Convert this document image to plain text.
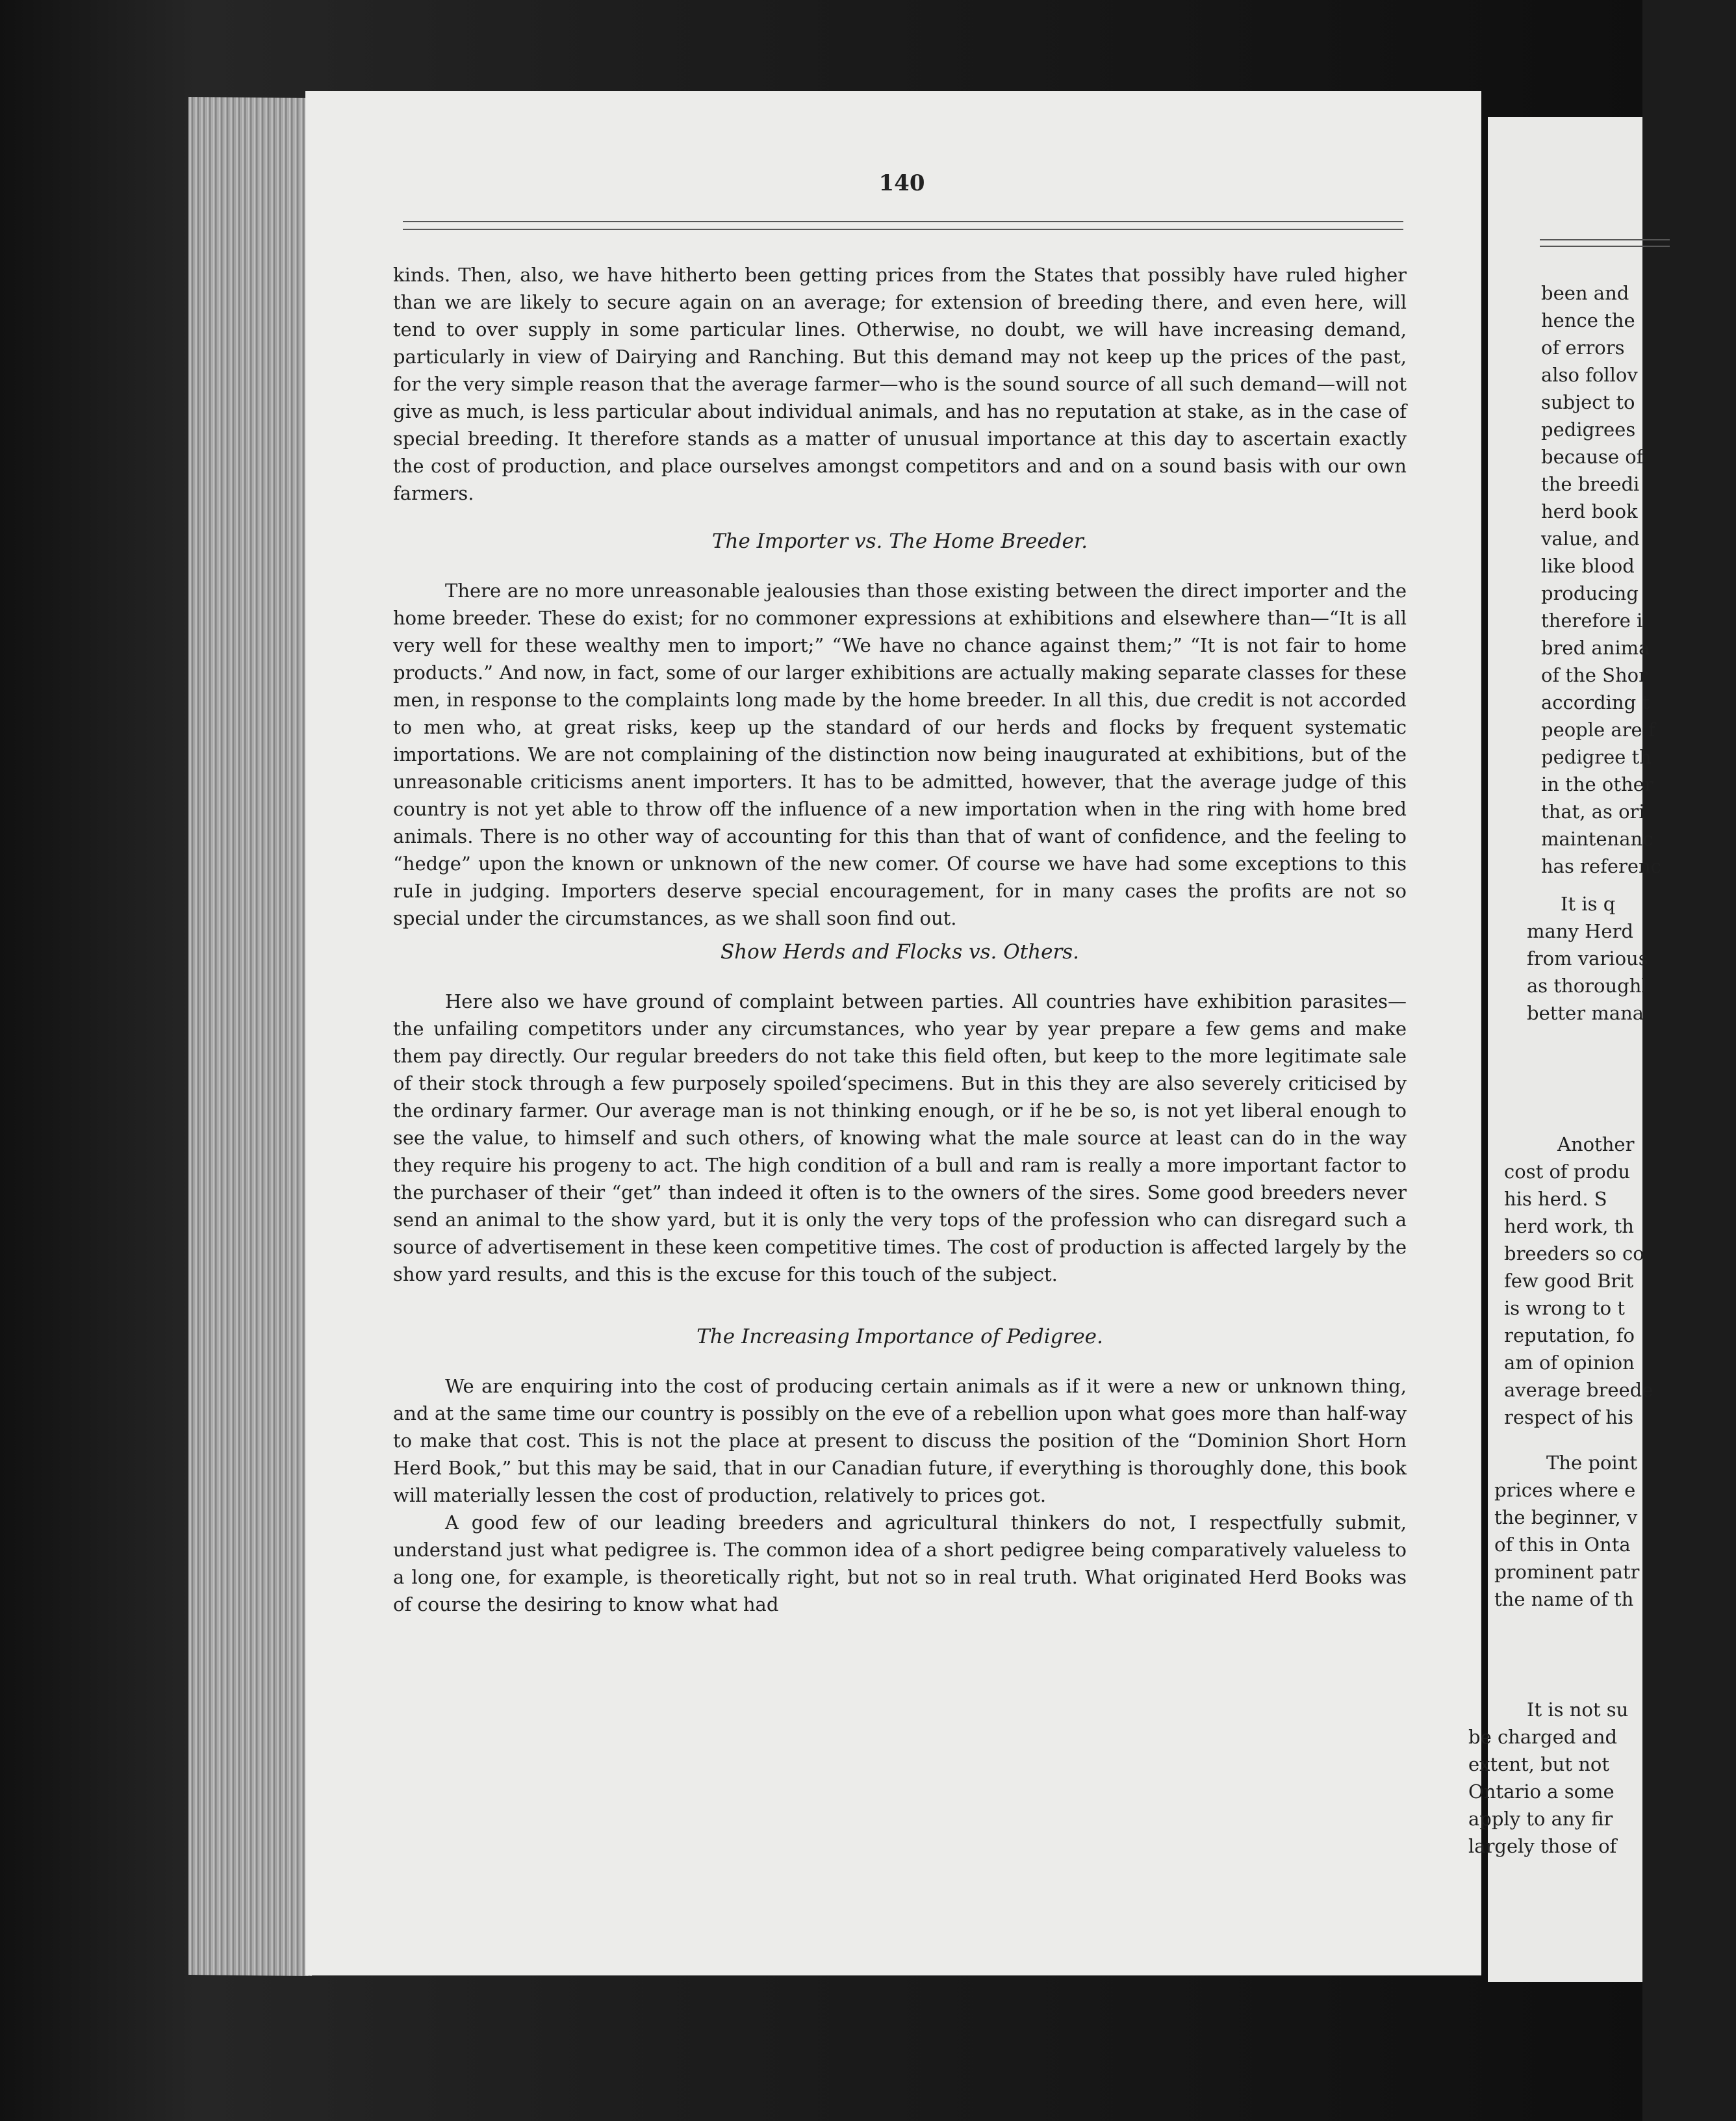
140

kinds. Then, also, we have hitherto been getting prices from the States that possibly have ruled higher than we are likely to secure again on an average; for extension of breeding there, and even here, will tend to over supply in some particular lines. Otherwise, no doubt, we will have increasing demand, particularly in view of Dairying and Ranching. But this demand may not keep up the prices of the past, for the very simple reason that the average farmer—who is the sound source of all such demand—will not give as much, is less particular about individual animals, and has no reputation at stake, as in the case of special breeding. It therefore stands as a matter of unusual importance at this day to ascertain exactly the cost of production, and place ourselves amongst competitors and and on a sound basis with our own farmers.

The Importer vs. The Home Breeder.

There are no more unreasonable jealousies than those existing between the direct importer and the home breeder. These do exist; for no commoner expressions at exhibitions and elsewhere than—“It is all very well for these wealthy men to import;” “We have no chance against them;” “It is not fair to home products.” And now, in fact, some of our larger exhibitions are actually making separate classes for these men, in response to the complaints long made by the home breeder. In all this, due credit is not accorded to men who, at great risks, keep up the standard of our herds and flocks by frequent systematic importations. We are not complaining of the distinction now being inaugurated at exhibitions, but of the unreasonable criticisms anent importers. It has to be admitted, however, that the average judge of this country is not yet able to throw off the influence of a new importation when in the ring with home bred animals. There is no other way of accounting for this than that of want of confidence, and the feeling to “hedge” upon the known or unknown of the new comer. Of course we have had some exceptions to this ruIe in judging. Importers deserve special encouragement, for in many cases the profits are not so special under the circumstances, as we shall soon find out.

Show Herds and Flocks vs. Others.

Here also we have ground of complaint between parties. All countries have exhibition parasites—the unfailing competitors under any circumstances, who year by year prepare a few gems and make them pay directly. Our regular breeders do not take this field often, but keep to the more legitimate sale of their stock through a few purposely spoiled‘specimens. But in this they are also severely criticised by the ordinary farmer. Our average man is not thinking enough, or if he be so, is not yet liberal enough to see the value, to himself and such others, of knowing what the male source at least can do in the way they require his progeny to act. The high condition of a bull and ram is really a more important factor to the purchaser of their “get” than indeed it often is to the owners of the sires. Some good breeders never send an animal to the show yard, but it is only the very tops of the profession who can disregard such a source of advertisement in these keen competitive times. The cost of production is affected largely by the show yard results, and this is the excuse for this touch of the subject.

The Increasing Importance of Pedigree.

We are enquiring into the cost of producing certain animals as if it were a new or unknown thing, and at the same time our country is possibly on the eve of a rebellion upon what goes more than half-way to make that cost. This is not the place at present to discuss the position of the “Dominion Short Horn Herd Book,” but this may be said, that in our Canadian future, if everything is thoroughly done, this book will materially lessen the cost of production, relatively to prices got.

A good few of our leading breeders and agricultural thinkers do not, I respectfully submit, understand just what pedigree is. The common idea of a short pedigree being comparatively valueless to a long one, for example, is theoretically right, but not so in real truth. What originated Herd Books was of course the desiring to know what had

been and
hence the
of errors
also follov
subject to
pedigrees
because of
the breedi
herd book
value, and
like blood
producing
therefore i
bred anima
of the Shor
according t
people are f
pedigree th
in the other
that, as ori
maintenanc
has referenc
It is q
many Herd
from various
as thoroughl
better mana
Another
cost of produ
his herd. S
herd work, th
breeders so co
few good Brit
is wrong to t
reputation, fo
am of opinion
average breede
respect of his
The point
prices where e
the beginner, v
of this in Onta
prominent patr
the name of th
It is not su
be charged and
extent, but not
Ontario a some
apply to any fir
largely those of
